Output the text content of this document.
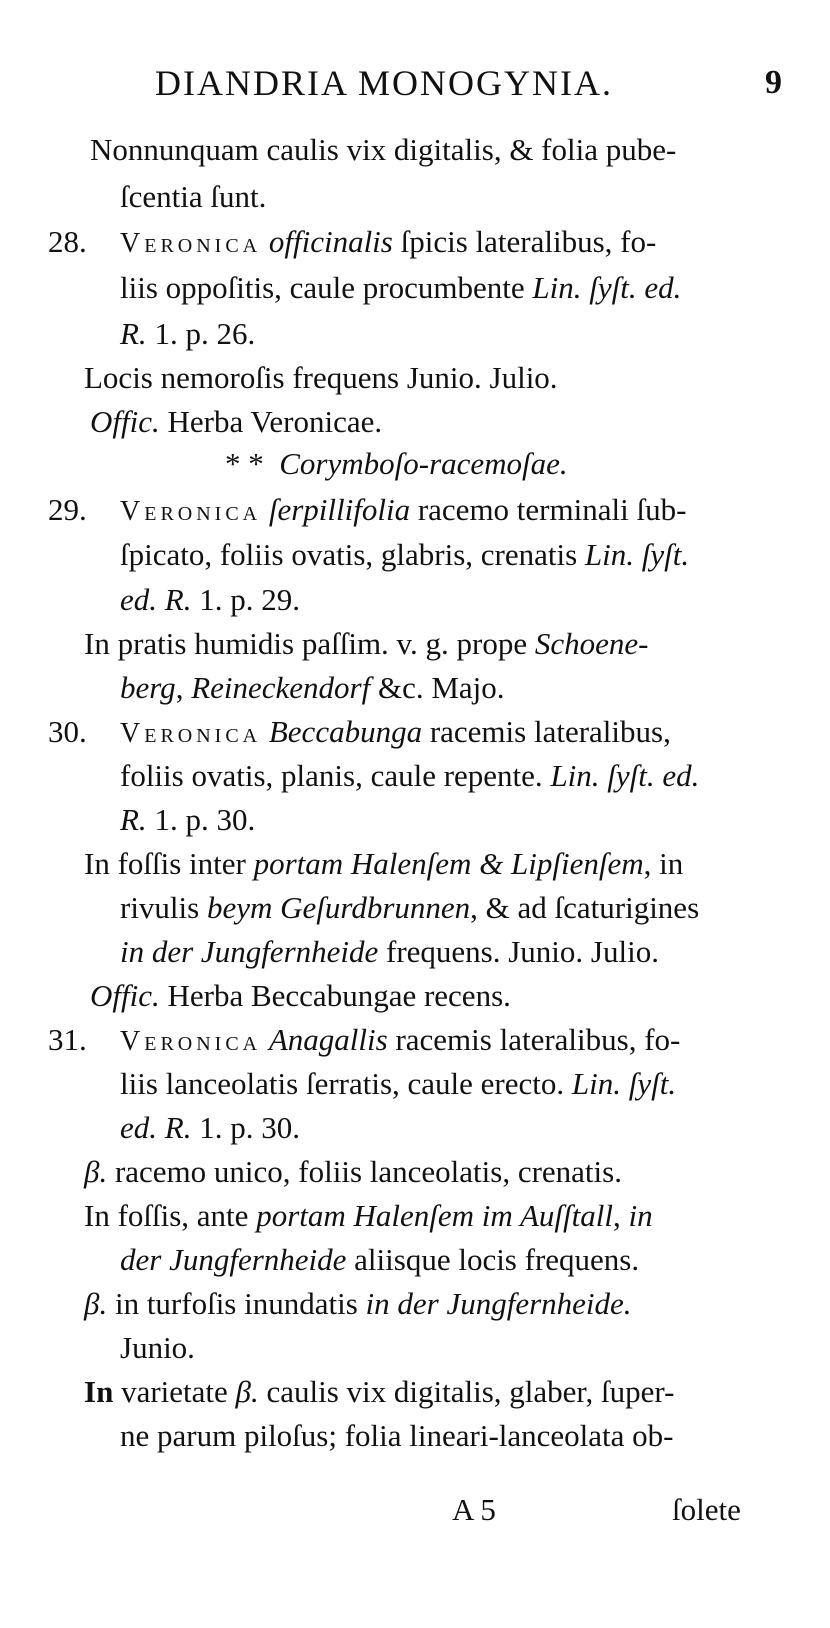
DIANDRIA MONOGYNIA.	9
Nonnunquam caulis vix digitalis, & folia pube-
ſcentia ſunt.
28. Veronica officinalis ſpicis lateralibus, fo-
liis oppoſitis, caule procumbente Lin. ſyſt. ed.
R. 1. p. 26.
Locis nemoroſis frequens Junio. Julio.
Offic. Herba Veronicae.
* * Corymboſo-racemoſae.
29. Veronica ſerpillifolia racemo terminali ſub-
ſpicato, foliis ovatis, glabris, crenatis Lin. ſyſt.
ed. R. 1. p. 29.
In pratis humidis paſſim. v. g. prope Schoene-
berg, Reineckendorf &c. Majo.
30. Veronica Beccabunga racemis lateralibus,
foliis ovatis, planis, caule repente. Lin. ſyſt. ed.
R. 1. p. 30.
In foſſis inter portam Halenſem & Lipſienſem, in
rivulis beym Geſurdbrunnen, & ad ſcaturigines
in der Jungfernheide frequens. Junio. Julio.
Offic. Herba Beccabungae recens.
31. Veronica Anagallis racemis lateralibus, fo-
liis lanceolatis ſerratis, caule erecto. Lin. ſyſt.
ed. R. 1. p. 30.
β. racemo unico, foliis lanceolatis, crenatis.
In foſſis, ante portam Halenſem im Auſſtall, in
der Jungfernheide aliisque locis frequens.
β. in turfoſis inundatis in der Jungfernheide.
Junio.
In varietate β. caulis vix digitalis, glaber, ſuper-
ne parum piloſus; folia lineari-lanceolata ob-
A 5	ſolete
